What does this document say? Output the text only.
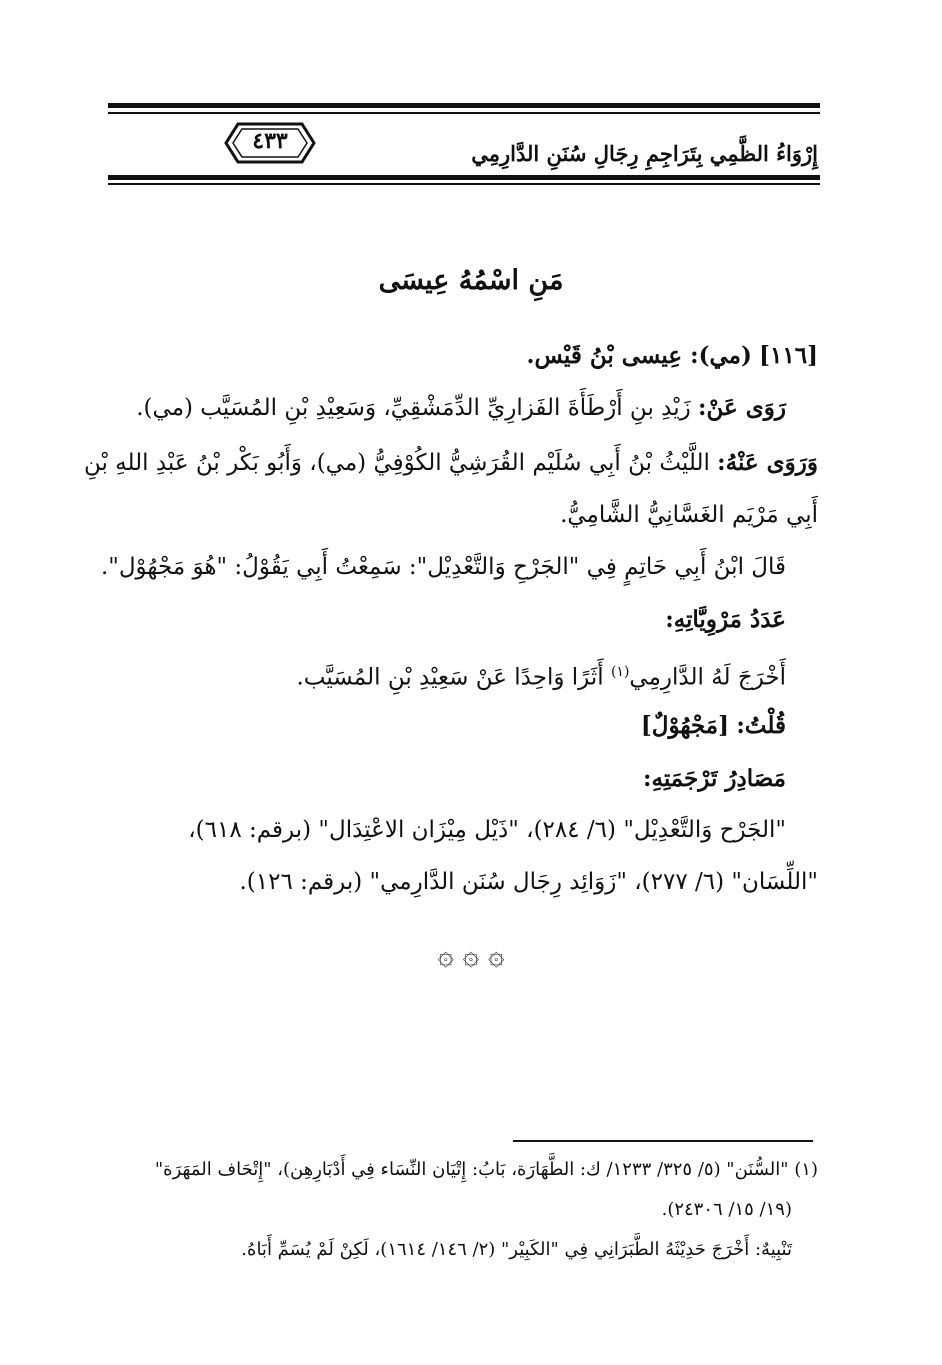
٤٣٣	إِرْوَاءُ الظَّمِي بِتَرَاجِمِ رِجَالِ سُنَنِ الدَّارِمِي
مَنِ اسْمُهُ عِيسَى
[١١٦] (مي): عِيسى بْنُ قَيْس.
رَوَى عَنْ: زَيْدِ بنِ أَرْطَأَةَ الفَزارِيِّ الدِّمَشْقِيِّ، وَسَعِيْدِ بْنِ المُسَيَّب (مي).
وَرَوَى عَنْهُ: اللَّيْثُ بْنُ أَبِي سُلَيْم القُرَشِيُّ الكُوْفِيُّ (مي)، وَأَبُو بَكْر بْنُ عَبْدِ اللهِ بْنِ
أَبِي مَرْيَم الغَسَّانِيُّ الشَّامِيُّ.
قَالَ ابْنُ أَبِي حَاتِمٍ فِي "الجَرْحِ وَالتَّعْدِيْل": سَمِعْتُ أَبِي يَقُوْلُ: "هُوَ مَجْهُوْل".
عَدَدُ مَرْوِيَّاتِهِ:
أَخْرَجَ لَهُ الدَّارِمِي$^{(١)}$ أَثَرًا وَاحِدًا عَنْ سَعِيْدِ بْنِ المُسَيَّب.
قُلْتُ: [مَجْهُوْلٌ]
مَصَادِرُ تَرْجَمَتِهِ:
"الجَرْح وَالتَّعْدِيْل" (٦/ ٢٨٤)، "ذَيْل مِيْزَان الاعْتِدَال" (برقم: ٦١٨)،
"اللِّسَان" (٦/ ٢٧٧)، "زَوَائِد رِجَال سُنَن الدَّارِمي" (برقم: ١٢٦).
۞ ۞ ۞
(١) "السُّنَن" (٥/ ٣٢٥/ ١٢٣٣/ ك: الطَّهَارَة، بَابُ: إِتْيَان النِّسَاء فِي أَدْبَارِهِن)، "إِتْحَاف المَهَرَة"
(١٩/ ١٥/ ٢٤٣٠٦).
تَنْبِيهٌ: أَخْرَجَ حَدِيْثَهُ الطَّبَرَانِي فِي "الكَبِيْر" (٢/ ١٤٦/ ١٦١٤)، لَكِنْ لَمْ يُسَمِّ أَبَاهُ.
